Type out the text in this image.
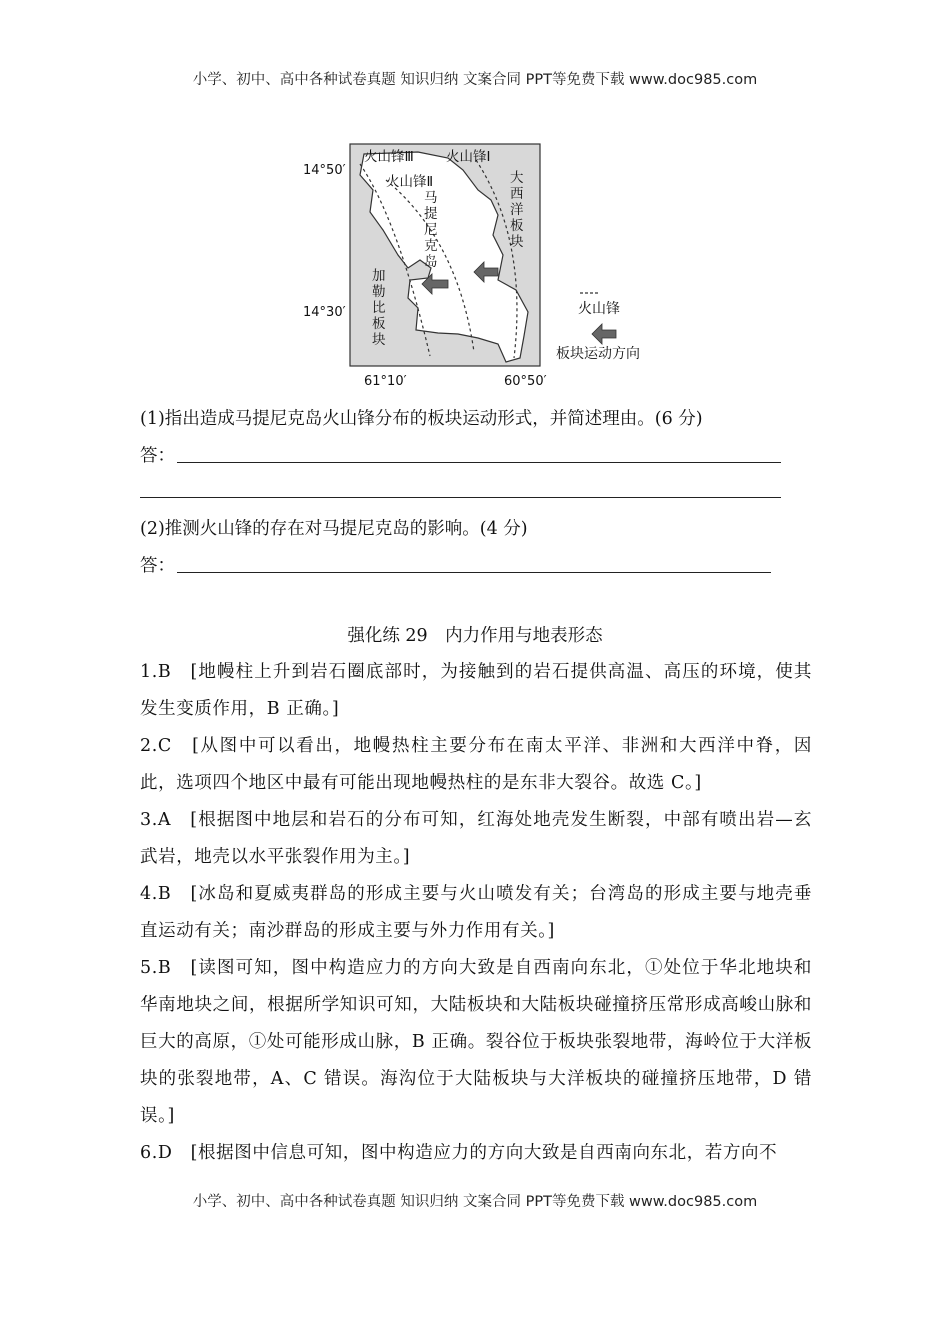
小学、初中、高中各种试卷真题 知识归纳 文案合同 PPT等免费下载 www.doc985.com
14°50′
14°30′
61°10′	60°50′
火山锋Ⅲ 火山锋Ⅰ
火山锋Ⅱ
马 提 尼 克 岛
大 西 洋 板 块
加 勒 比 板 块
火山锋
板块运动方向
(1)指出造成马提尼克岛火山锋分布的板块运动形式，并简述理由。(6 分)
答：
(2)推测火山锋的存在对马提尼克岛的影响。(4 分)
答：
强化练 29　内力作用与地表形态
1.B　[地幔柱上升到岩石圈底部时，为接触到的岩石提供高温、高压的环境，使其发生变质作用，B 正确。]
2.C　[从图中可以看出，地幔热柱主要分布在南太平洋、非洲和大西洋中脊，因此，选项四个地区中最有可能出现地幔热柱的是东非大裂谷。故选 C。]
3.A　[根据图中地层和岩石的分布可知，红海处地壳发生断裂，中部有喷出岩—玄武岩，地壳以水平张裂作用为主。]
4.B　[冰岛和夏威夷群岛的形成主要与火山喷发有关；台湾岛的形成主要与地壳垂直运动有关；南沙群岛的形成主要与外力作用有关。]
5.B　[读图可知，图中构造应力的方向大致是自西南向东北，①处位于华北地块和华南地块之间，根据所学知识可知，大陆板块和大陆板块碰撞挤压常形成高峻山脉和巨大的高原，①处可能形成山脉，B 正确。裂谷位于板块张裂地带，海岭位于大洋板块的张裂地带，A、C 错误。海沟位于大陆板块与大洋板块的碰撞挤压地带，D 错误。]
6.D　[根据图中信息可知，图中构造应力的方向大致是自西南向东北，若方向不
小学、初中、高中各种试卷真题 知识归纳 文案合同 PPT等免费下载 www.doc985.com
